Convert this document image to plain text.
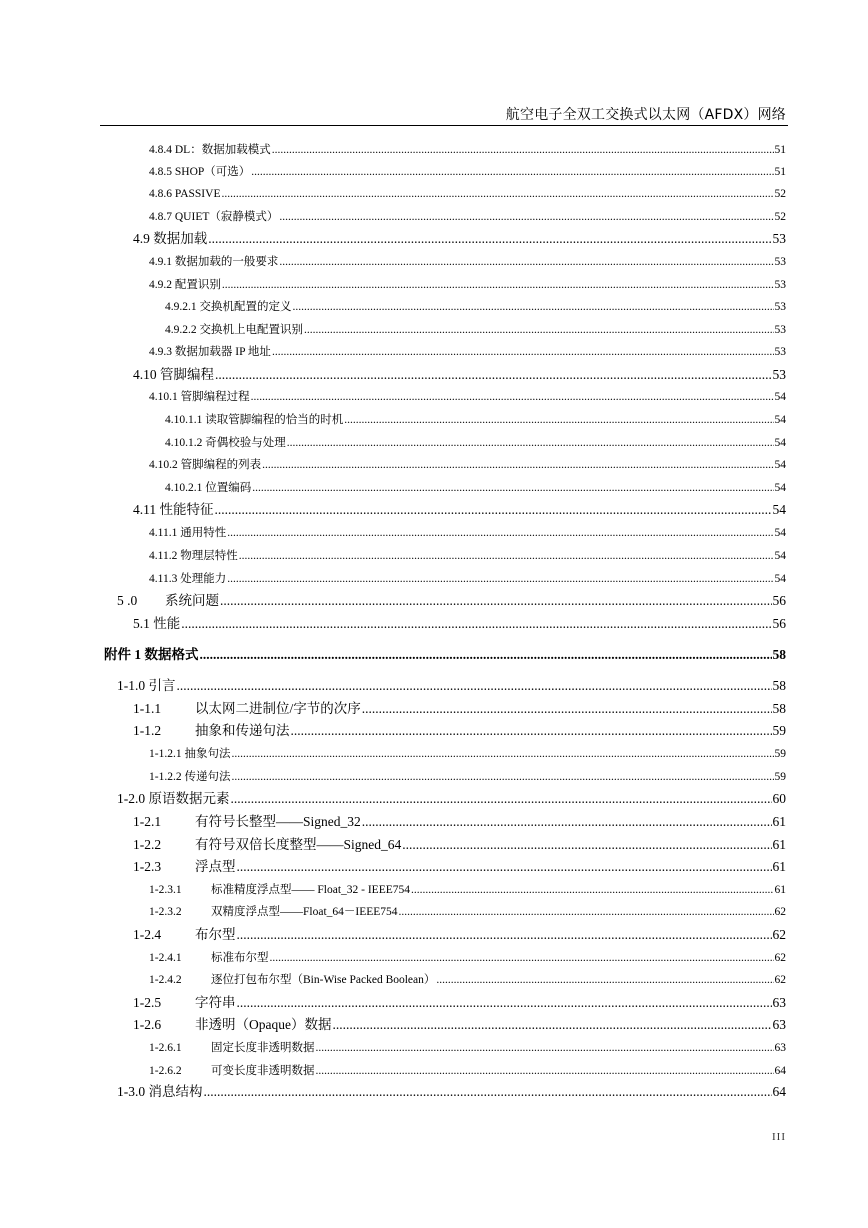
航空电子全双工交换式以太网（AFDX）网络
4.8.4 DL：数据加载模式 .....	51
4.8.5 SHOP（可选） .....	51
4.8.6 PASSIVE .....	52
4.8.7 QUIET（寂静模式） .....	52
4.9 数据加载 .....	53
4.9.1 数据加载的一般要求 .....	53
4.9.2 配置识别 .....	53
4.9.2.1 交换机配置的定义 .....	53
4.9.2.2 交换机上电配置识别 .....	53
4.9.3 数据加载器 IP 地址 .....	53
4.10 管脚编程 .....	53
4.10.1 管脚编程过程 .....	54
4.10.1.1 读取管脚编程的恰当的时机 .....	54
4.10.1.2 奇偶校验与处理 .....	54
4.10.2 管脚编程的列表 .....	54
4.10.2.1 位置编码 .....	54
4.11 性能特征 .....	54
4.11.1 通用特性 .....	54
4.11.2 物理层特性 .....	54
4.11.3 处理能力 .....	54
5 .0 系统问题 .....	56
5.1 性能 .....	56
附件 1 数据格式 .....	58
1-1.0 引言 .....	58
1-1.1	以太网二进制位/字节的次序 .....	58
1-1.2	抽象和传递句法 .....	59
1-1.2.1 抽象句法 .....	59
1-1.2.2 传递句法 .....	59
1-2.0 原语数据元素 .....	60
1-2.1	有符号长整型——Signed_32 .....	61
1-2.2	有符号双倍长度整型——Signed_64 .....	61
1-2.3	浮点型 .....	61
1-2.3.1	标准精度浮点型—— Float_32 - IEEE754 .....	61
1-2.3.2	双精度浮点型——Float_64－IEEE754 .....	62
1-2.4	布尔型 .....	62
1-2.4.1	标准布尔型 .....	62
1-2.4.2	逐位打包布尔型（Bin-Wise Packed Boolean） .....	62
1-2.5	字符串 .....	63
1-2.6	非透明（Opaque）数据 .....	63
1-2.6.1	固定长度非透明数据 .....	63
1-2.6.2	可变长度非透明数据 .....	64
1-3.0 消息结构 .....	64
III
